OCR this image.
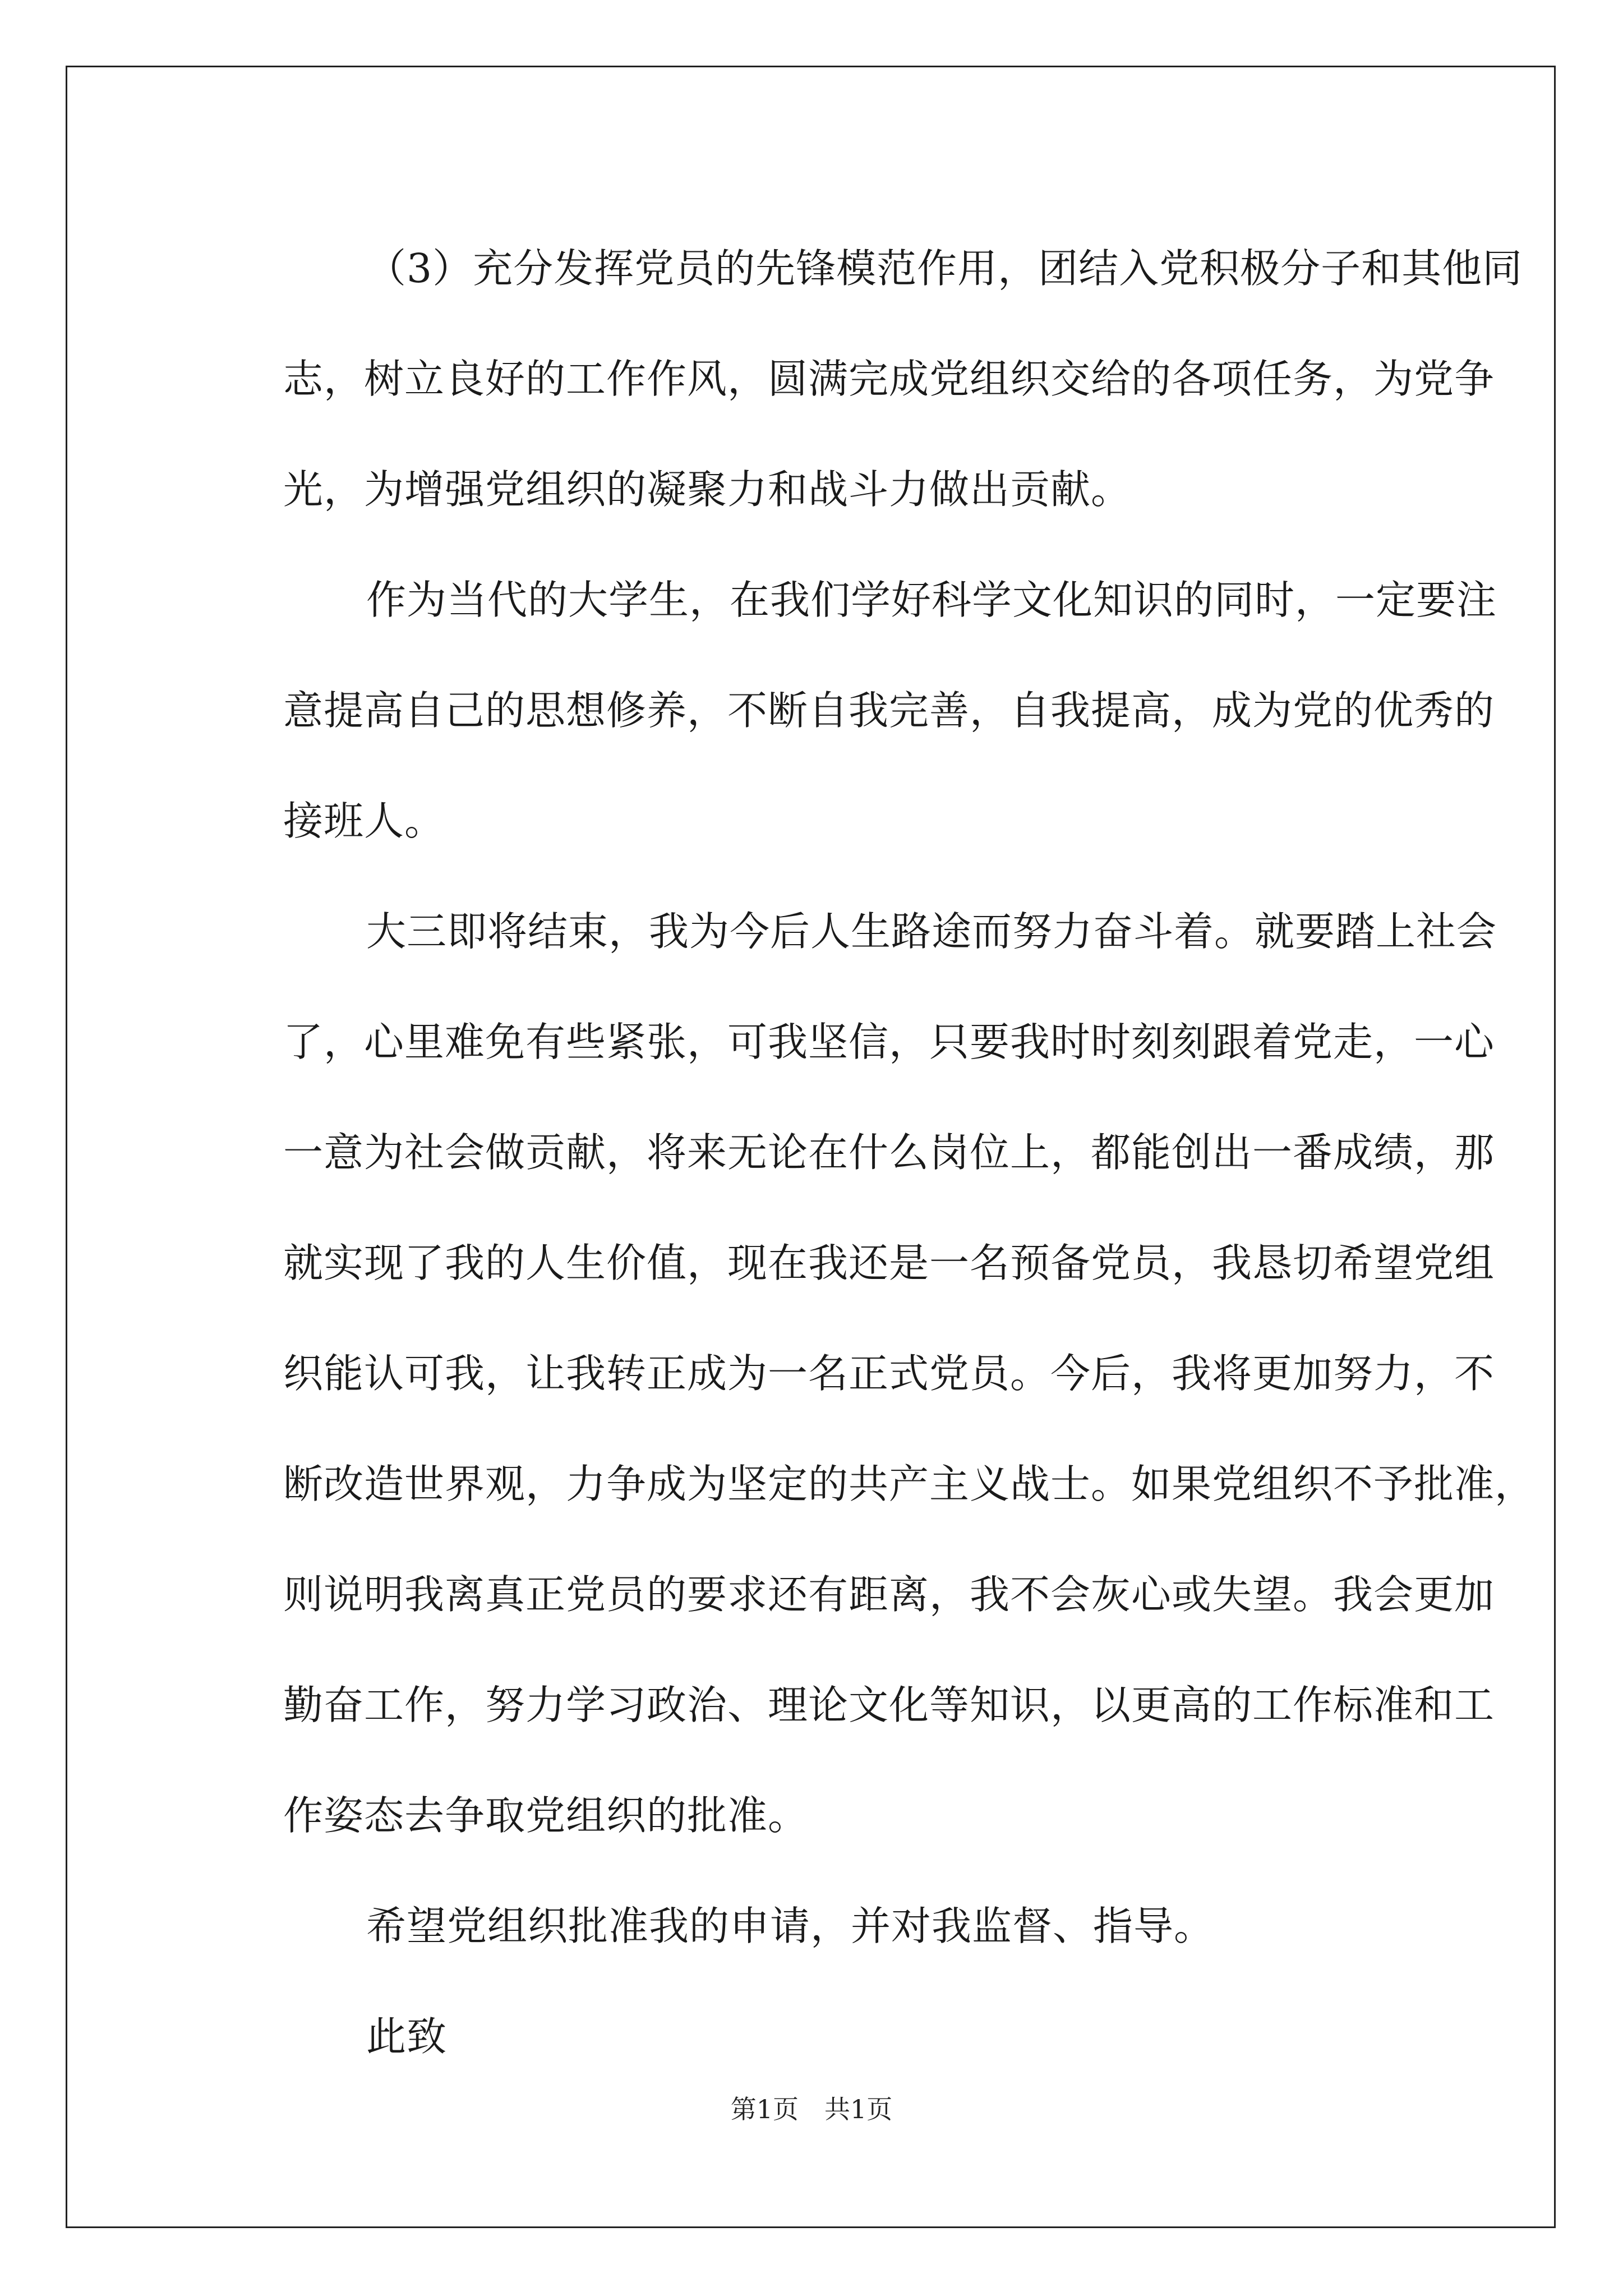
（3）充分发挥党员的先锋模范作用，团结入党积极分子和其他同
志，树立良好的工作作风，圆满完成党组织交给的各项任务，为党争
光，为增强党组织的凝聚力和战斗力做出贡献。
作为当代的大学生，在我们学好科学文化知识的同时，一定要注
意提高自己的思想修养，不断自我完善，自我提高，成为党的优秀的
接班人。
大三即将结束，我为今后人生路途而努力奋斗着。就要踏上社会
了，心里难免有些紧张，可我坚信，只要我时时刻刻跟着党走，一心
一意为社会做贡献，将来无论在什么岗位上，都能创出一番成绩，那
就实现了我的人生价值，现在我还是一名预备党员，我恳切希望党组
织能认可我，让我转正成为一名正式党员。今后，我将更加努力，不
断改造世界观，力争成为坚定的共产主义战士。如果党组织不予批准，
则说明我离真正党员的要求还有距离，我不会灰心或失望。我会更加
勤奋工作，努力学习政治、理论文化等知识，以更高的工作标准和工
作姿态去争取党组织的批准。
希望党组织批准我的申请，并对我监督、指导。
此致
第1页　共1页
